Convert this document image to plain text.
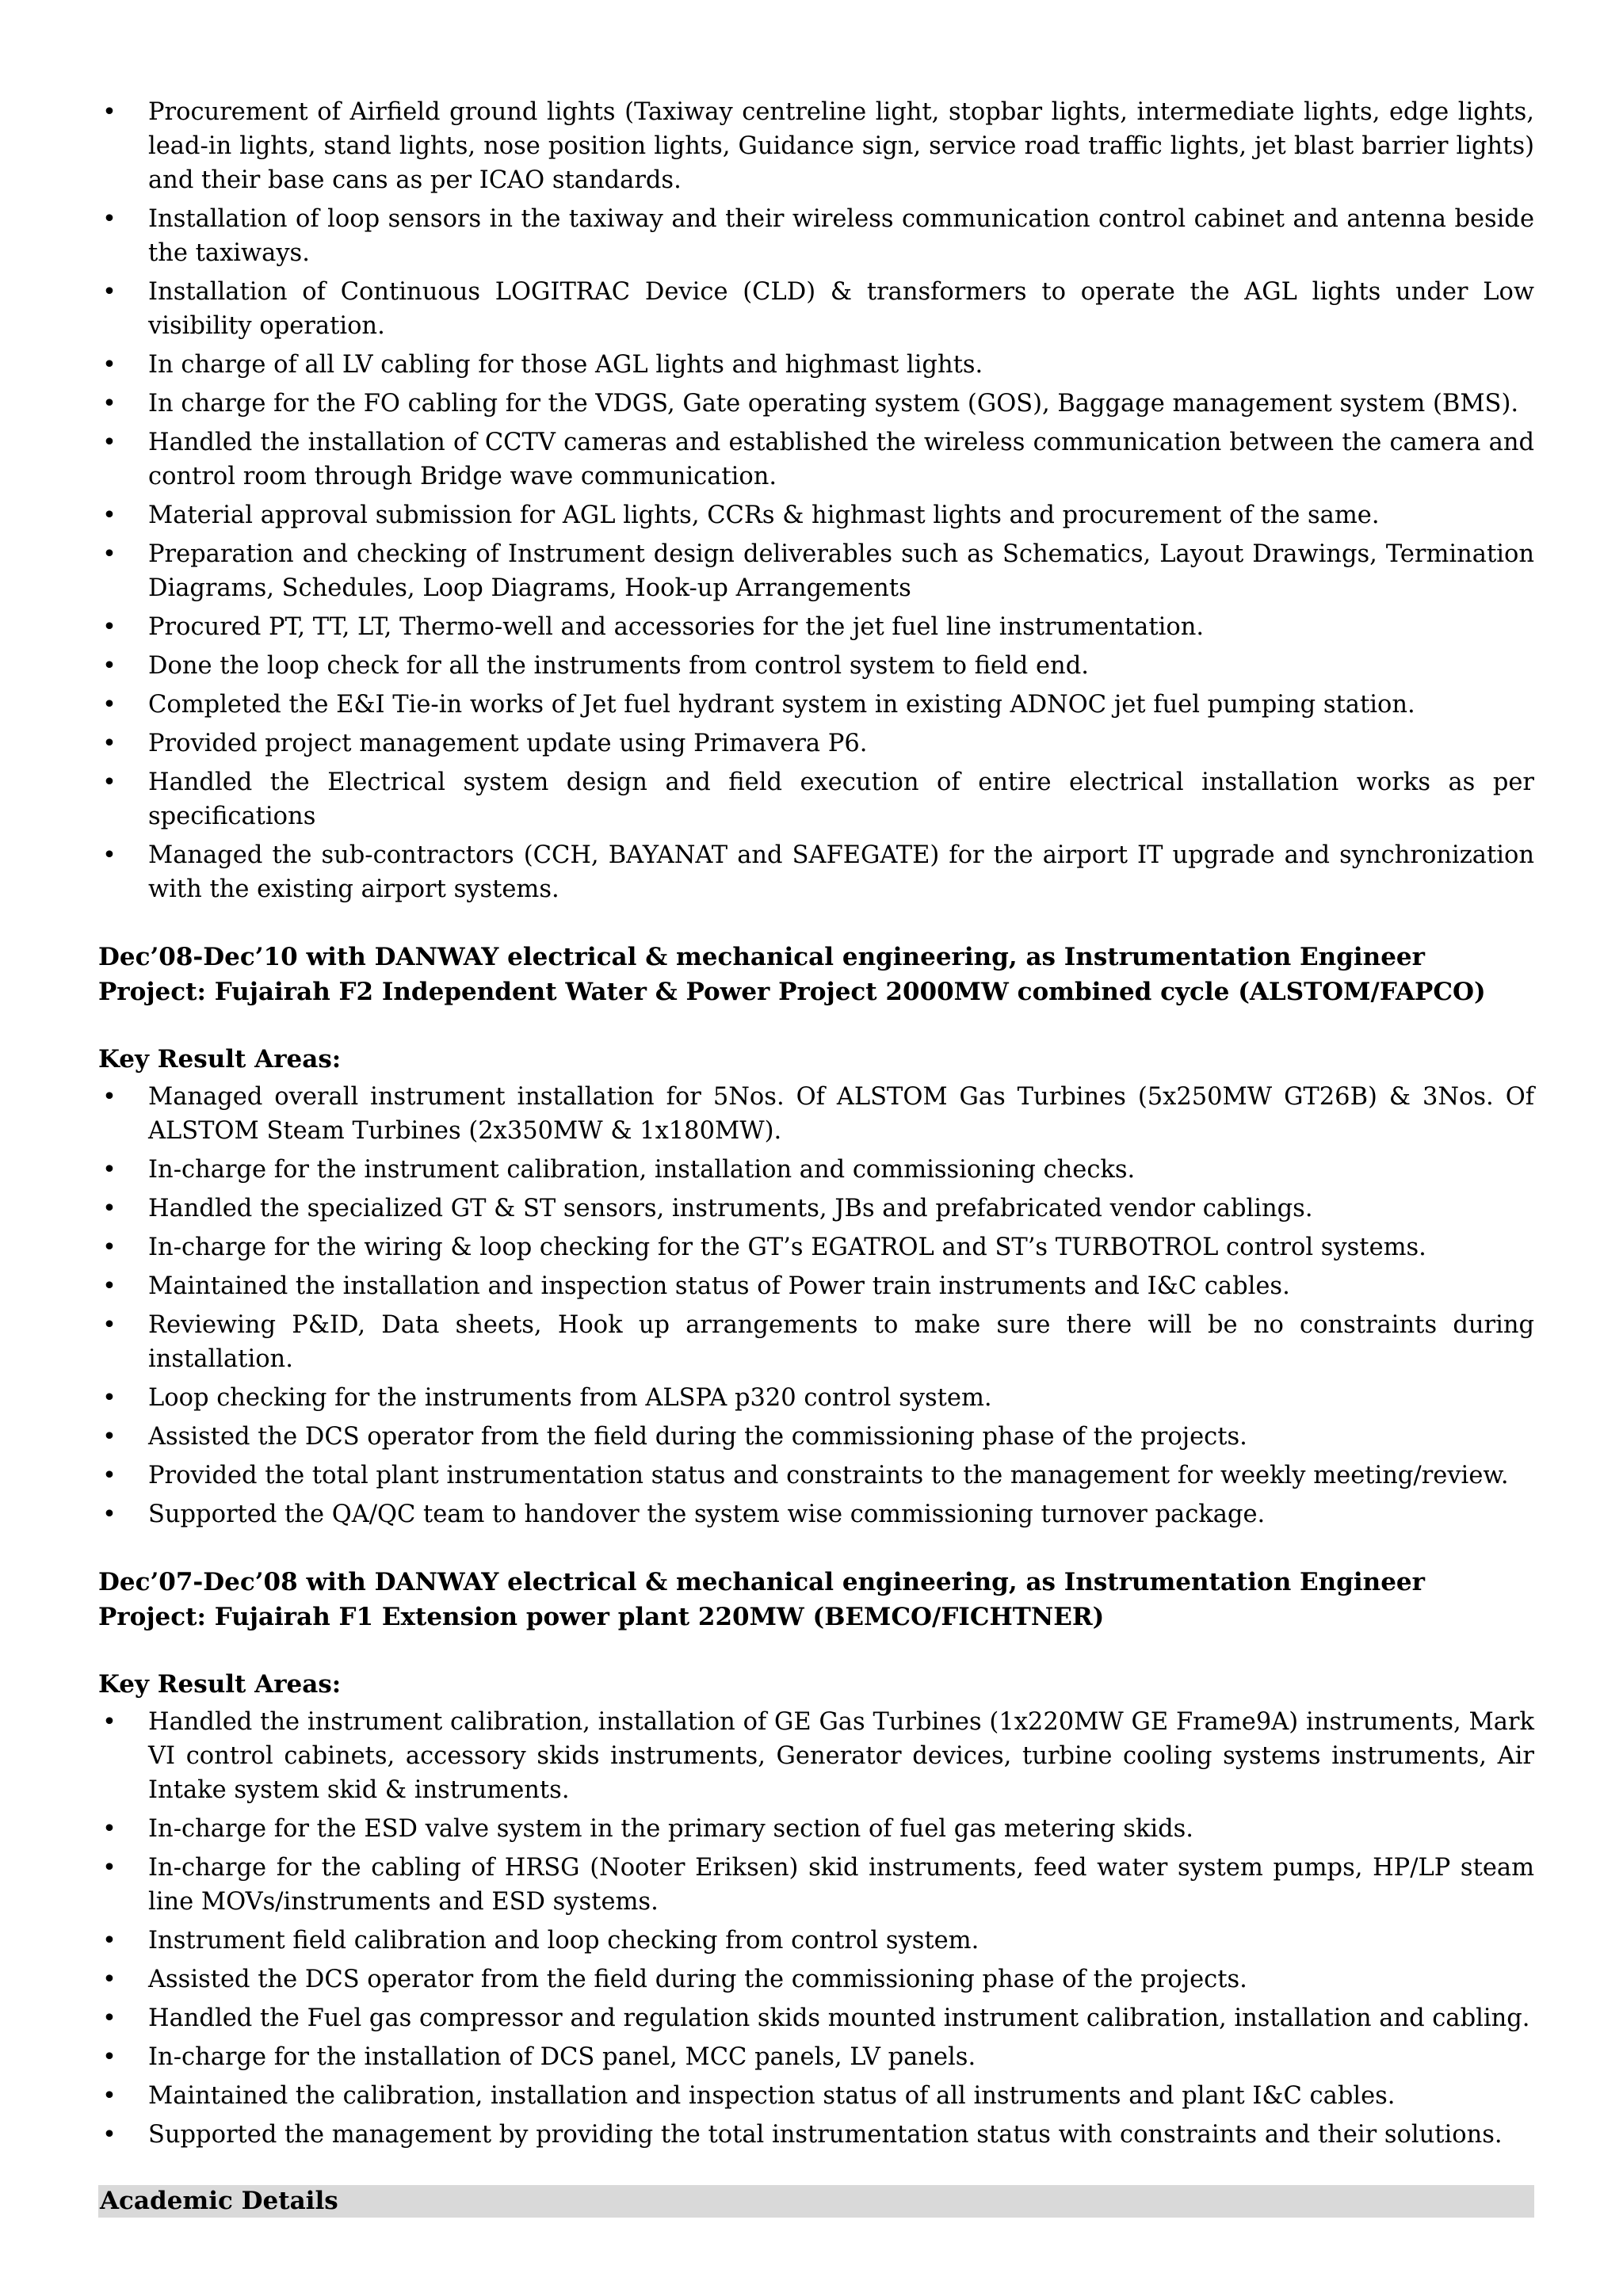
• Procurement of Airfield ground lights (Taxiway centreline light, stopbar lights, intermediate lights, edge lights, lead-in lights, stand lights, nose position lights, Guidance sign, service road traffic lights, jet blast barrier lights) and their base cans as per ICAO standards.
• Installation of loop sensors in the taxiway and their wireless communication control cabinet and antenna beside the taxiways.
• Installation of Continuous LOGITRAC Device (CLD) & transformers to operate the AGL lights under Low visibility operation.
• In charge of all LV cabling for those AGL lights and highmast lights.
• In charge for the FO cabling for the VDGS, Gate operating system (GOS), Baggage management system (BMS).
• Handled the installation of CCTV cameras and established the wireless communication between the camera and control room through Bridge wave communication.
• Material approval submission for AGL lights, CCRs & highmast lights and procurement of the same.
• Preparation and checking of Instrument design deliverables such as Schematics, Layout Drawings, Termination Diagrams, Schedules, Loop Diagrams, Hook-up Arrangements
• Procured PT, TT, LT, Thermo-well and accessories for the jet fuel line instrumentation.
• Done the loop check for all the instruments from control system to field end.
• Completed the E&I Tie-in works of Jet fuel hydrant system in existing ADNOC jet fuel pumping station.
• Provided project management update using Primavera P6.
• Handled the Electrical system design and field execution of entire electrical installation works as per specifications
• Managed the sub-contractors (CCH, BAYANAT and SAFEGATE) for the airport IT upgrade and synchronization with the existing airport systems.
Dec’08-Dec’10 with DANWAY electrical & mechanical engineering, as Instrumentation Engineer
Project: Fujairah F2 Independent Water & Power Project 2000MW combined cycle (ALSTOM/FAPCO)
Key Result Areas:
• Managed overall instrument installation for 5Nos. Of ALSTOM Gas Turbines (5x250MW GT26B) & 3Nos. Of ALSTOM Steam Turbines (2x350MW & 1x180MW).
• In-charge for the instrument calibration, installation and commissioning checks.
• Handled the specialized GT & ST sensors, instruments, JBs and prefabricated vendor cablings.
• In-charge for the wiring & loop checking for the GT’s EGATROL and ST’s TURBOTROL control systems.
• Maintained the installation and inspection status of Power train instruments and I&C cables.
• Reviewing P&ID, Data sheets, Hook up arrangements to make sure there will be no constraints during installation.
• Loop checking for the instruments from ALSPA p320 control system.
• Assisted the DCS operator from the field during the commissioning phase of the projects.
• Provided the total plant instrumentation status and constraints to the management for weekly meeting/review.
• Supported the QA/QC team to handover the system wise commissioning turnover package.
Dec’07-Dec’08 with DANWAY electrical & mechanical engineering, as Instrumentation Engineer
Project: Fujairah F1 Extension power plant 220MW (BEMCO/FICHTNER)
Key Result Areas:
• Handled the instrument calibration, installation of GE Gas Turbines (1x220MW GE Frame9A) instruments, Mark VI control cabinets, accessory skids instruments, Generator devices, turbine cooling systems instruments, Air Intake system skid & instruments.
• In-charge for the ESD valve system in the primary section of fuel gas metering skids.
• In-charge for the cabling of HRSG (Nooter Eriksen) skid instruments, feed water system pumps, HP/LP steam line MOVs/instruments and ESD systems.
• Instrument field calibration and loop checking from control system.
• Assisted the DCS operator from the field during the commissioning phase of the projects.
• Handled the Fuel gas compressor and regulation skids mounted instrument calibration, installation and cabling.
• In-charge for the installation of DCS panel, MCC panels, LV panels.
• Maintained the calibration, installation and inspection status of all instruments and plant I&C cables.
• Supported the management by providing the total instrumentation status with constraints and their solutions.
Academic Details
